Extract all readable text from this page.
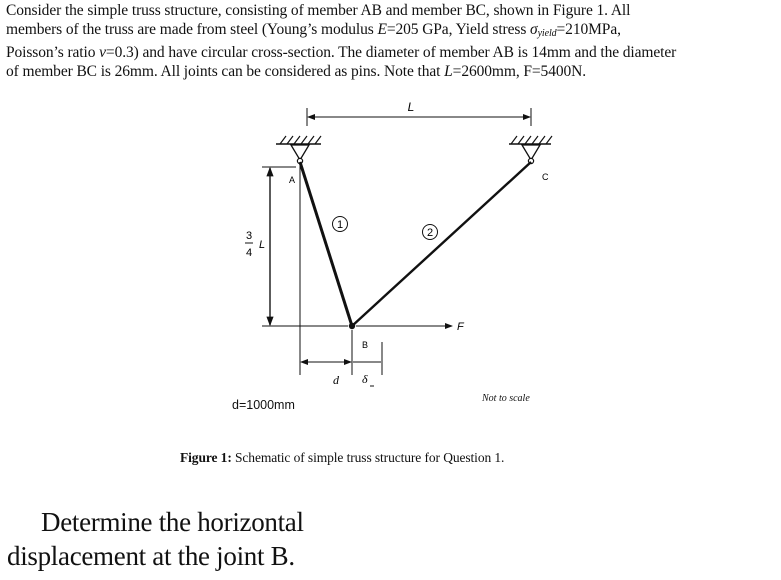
Consider the simple truss structure, consisting of member AB and member BC, shown in Figure 1. All
members of the truss are made from steel (Young’s modulus E=205 GPa, Yield stress $\sigma_{yield}=210MPa$,
Poisson’s ratio ν=0.3) and have circular cross-section. The diameter of member AB is 14mm and the diameter
of member BC is 26mm. All joints can be considered as pins. Note that L=2600mm, F=5400N.
L
3
4
L
A
B
C
1
2
F
d δ
d=1000mm	Not to scale
Figure 1: Schematic of simple truss structure for Question 1.
Determine the horizontal
displacement at the joint B.
